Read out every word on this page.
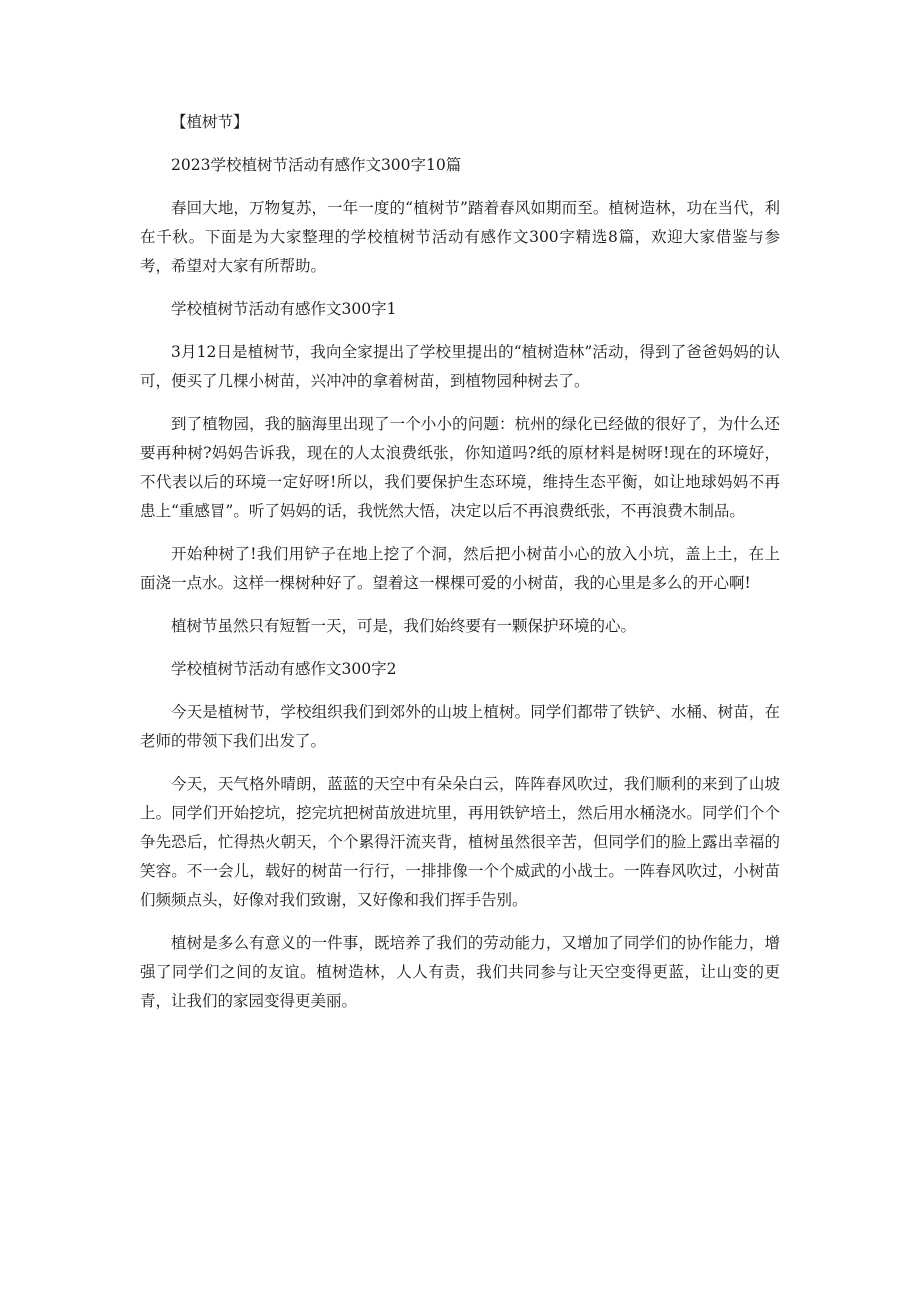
【植树节】

2023学校植树节活动有感作文300字10篇

春回大地，万物复苏，一年一度的“植树节”踏着春风如期而至。植树造林，功在当代，利在千秋。下面是为大家整理的学校植树节活动有感作文300字精选8篇，欢迎大家借鉴与参考，希望对大家有所帮助。

学校植树节活动有感作文300字1

3月12日是植树节，我向全家提出了学校里提出的“植树造林”活动，得到了爸爸妈妈的认可，便买了几棵小树苗，兴冲冲的拿着树苗，到植物园种树去了。

到了植物园，我的脑海里出现了一个小小的问题：杭州的绿化已经做的很好了，为什么还要再种树?妈妈告诉我，现在的人太浪费纸张，你知道吗?纸的原材料是树呀!现在的环境好，不代表以后的环境一定好呀!所以，我们要保护生态环境，维持生态平衡，如让地球妈妈不再患上“重感冒”。听了妈妈的话，我恍然大悟，决定以后不再浪费纸张，不再浪费木制品。

开始种树了!我们用铲子在地上挖了个洞，然后把小树苗小心的放入小坑，盖上土，在上面浇一点水。这样一棵树种好了。望着这一棵棵可爱的小树苗，我的心里是多么的开心啊!

植树节虽然只有短暂一天，可是，我们始终要有一颗保护环境的心。

学校植树节活动有感作文300字2

今天是植树节，学校组织我们到郊外的山坡上植树。同学们都带了铁铲、水桶、树苗，在老师的带领下我们出发了。

今天，天气格外晴朗，蓝蓝的天空中有朵朵白云，阵阵春风吹过，我们顺利的来到了山坡上。同学们开始挖坑，挖完坑把树苗放进坑里，再用铁铲培土，然后用水桶浇水。同学们个个争先恐后，忙得热火朝天，个个累得汗流夹背，植树虽然很辛苦，但同学们的脸上露出幸福的笑容。不一会儿，载好的树苗一行行，一排排像一个个威武的小战士。一阵春风吹过，小树苗们频频点头，好像对我们致谢，又好像和我们挥手告别。

植树是多么有意义的一件事，既培养了我们的劳动能力，又增加了同学们的协作能力，增强了同学们之间的友谊。植树造林，人人有责，我们共同参与让天空变得更蓝，让山变的更青，让我们的家园变得更美丽。
